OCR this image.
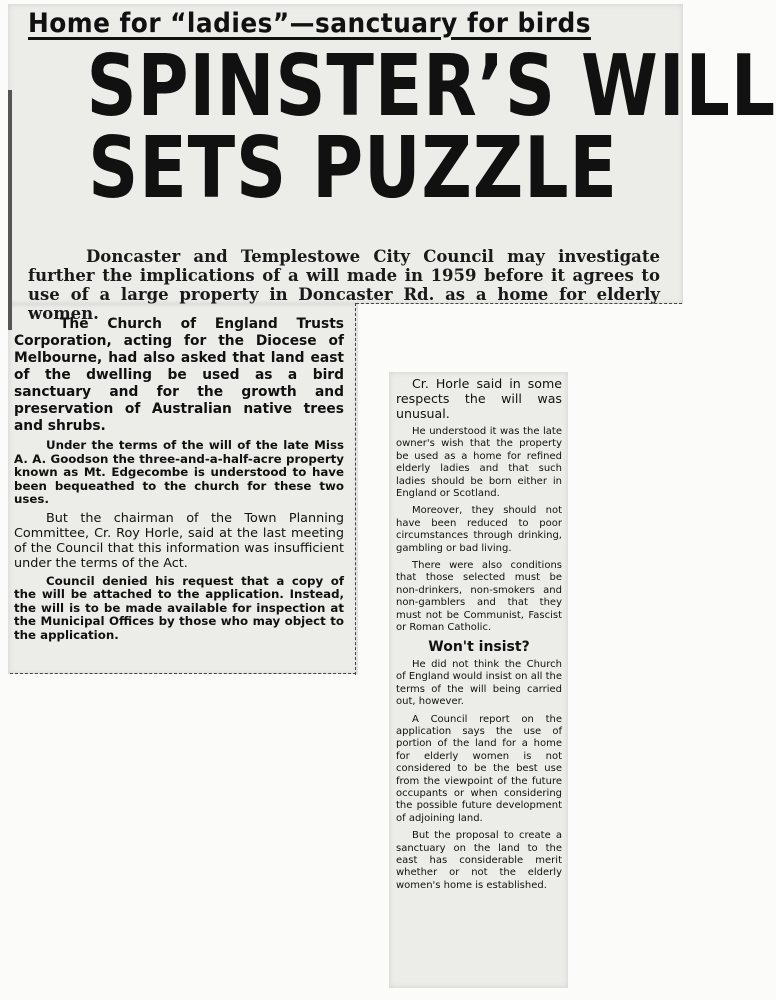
Home for “ladies”—sanctuary for birds
SPINSTER’S WILL
SETS PUZZLE

Doncaster and Templestowe City Council may investigate further the implications of a will made in 1959 before it agrees to use of a large property in Doncaster Rd. as a home for elderly women.

The Church of England Trusts Corporation, acting for the Diocese of Melbourne, had also asked that land east of the dwelling be used as a bird sanctuary and for the growth and preservation of Australian native trees and shrubs.

Under the terms of the will of the late Miss A. A. Goodson the three-and-a-half-acre property known as Mt. Edgecombe is understood to have been bequeathed to the church for these two uses.

But the chairman of the Town Planning Committee, Cr. Roy Horle, said at the last meeting of the Council that this information was insufficient under the terms of the Act.

Council denied his request that a copy of the will be attached to the application. Instead, the will is to be made available for inspection at the Municipal Offices by those who may object to the application.

Cr. Horle said in some respects the will was unusual.

He understood it was the late owner's wish that the property be used as a home for refined elderly ladies and that such ladies should be born either in England or Scotland.

Moreover, they should not have been reduced to poor circumstances through drinking, gambling or bad living.

There were also conditions that those selected must be non-drinkers, non-smokers and non-gamblers and that they must not be Communist, Fascist or Roman Catholic.

Won't insist?

He did not think the Church of England would insist on all the terms of the will being carried out, however.

A Council report on the application says the use of portion of the land for a home for elderly women is not considered to be the best use from the viewpoint of the future occupants or when considering the possible future development of adjoining land.

But the proposal to create a sanctuary on the land to the east has considerable merit whether or not the elderly women's home is established.
